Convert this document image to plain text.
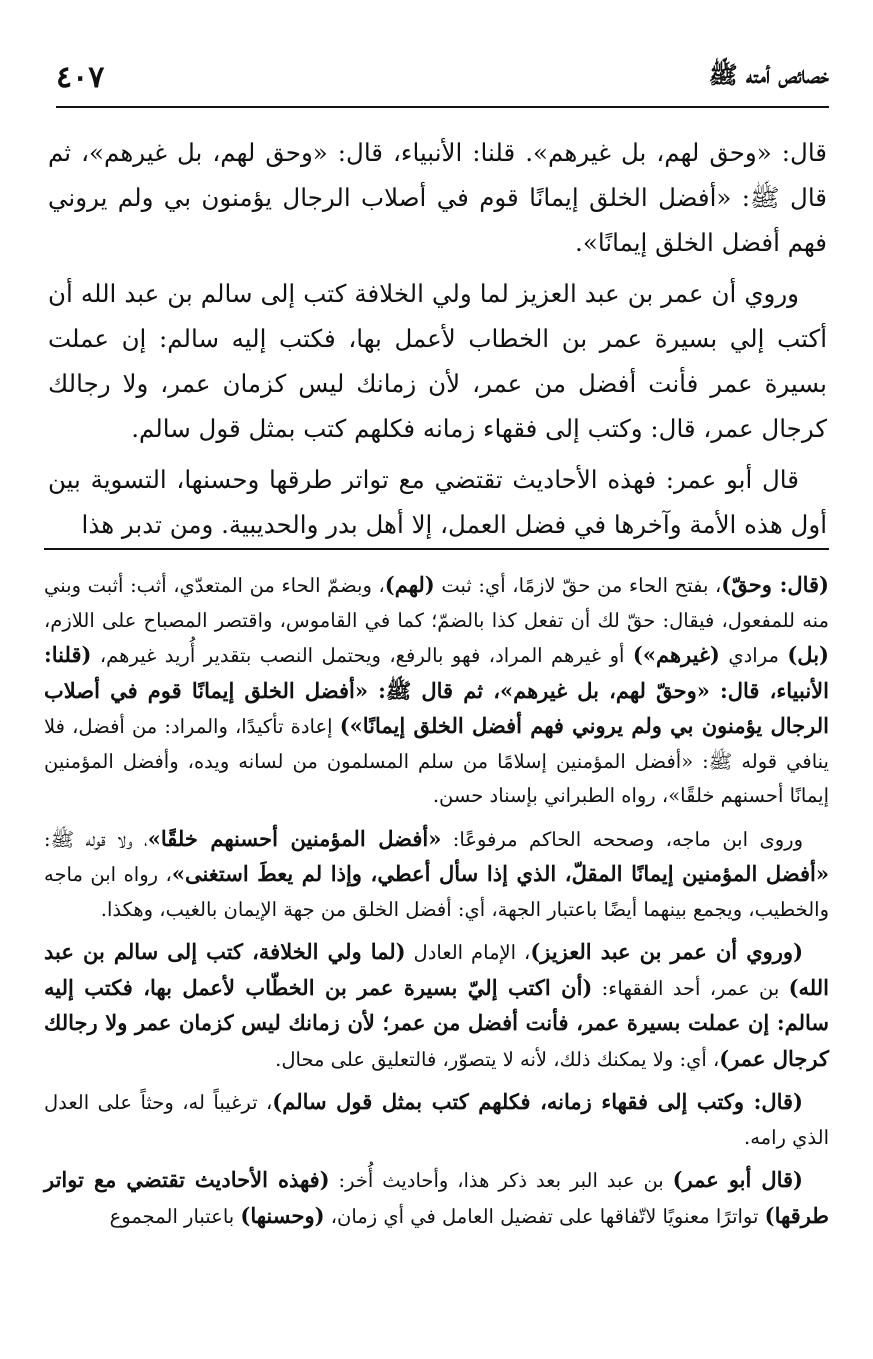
خصائص أمته ﷺ
٤٠٧

قال: «وحق لهم، بل غيرهم». قلنا: الأنبياء، قال: «وحق لهم، بل غيرهم»، ثم قال ﷺ: «أفضل الخلق إيمانًا قوم في أصلاب الرجال يؤمنون بي ولم يروني فهم أفضل الخلق إيمانًا».

وروي أن عمر بن عبد العزيز لما ولي الخلافة كتب إلى سالم بن عبد الله أن أكتب إلي بسيرة عمر بن الخطاب لأعمل بها، فكتب إليه سالم: إن عملت بسيرة عمر فأنت أفضل من عمر، لأن زمانك ليس كزمان عمر، ولا رجالك كرجال عمر، قال: وكتب إلى فقهاء زمانه فكلهم كتب بمثل قول سالم.

قال أبو عمر: فهذه الأحاديث تقتضي مع تواتر طرقها وحسنها، التسوية بين أول هذه الأمة وآخرها في فضل العمل، إلا أهل بدر والحديبية. ومن تدبر هذا

(قال: وحقّ)، بفتح الحاء من حقّ لازمًا، أي: ثبت (لهم)، وبضمّ الحاء من المتعدّي، أثب: أثبت وبني منه للمفعول، فيقال: حقّ لك أن تفعل كذا بالضمّ؛ كما في القاموس، واقتصر المصباح على اللازم، (بل) مرادي (غيرهم») أو غيرهم المراد، فهو بالرفع، ويحتمل النصب بتقدير أُريد غيرهم، (قلنا: الأنبياء، قال: «وحقّ لهم، بل غيرهم»، ثم قال ﷺ: «أفضل الخلق إيمانًا قوم في أصلاب الرجال يؤمنون بي ولم يروني فهم أفضل الخلق إيمانًا») إعادة تأكيدًا، والمراد: من أفضل، فلا ينافي قوله ﷺ: «أفضل المؤمنين إسلامًا من سلم المسلمون من لسانه ويده، وأفضل المؤمنين إيمانًا أحسنهم خلقًا»، رواه الطبراني بإسناد حسن.

وروى ابن ماجه، وصححه الحاكم مرفوعًا: «أفضل المؤمنين أحسنهم خلقًا»، ولا قوله ﷺ: «أفضل المؤمنين إيمانًا المقلّ، الذي إذا سأل أعطي، وإذا لم يعطَ استغنى»، رواه ابن ماجه والخطيب، ويجمع بينهما أيضًا باعتبار الجهة، أي: أفضل الخلق من جهة الإيمان بالغيب، وهكذا.

(وروي أن عمر بن عبد العزيز)، الإمام العادل (لما ولي الخلافة، كتب إلى سالم بن عبد الله) بن عمر، أحد الفقهاء: (أن اكتب إليّ بسيرة عمر بن الخطّاب لأعمل بها، فكتب إليه سالم: إن عملت بسيرة عمر، فأنت أفضل من عمر؛ لأن زمانك ليس كزمان عمر ولا رجالك كرجال عمر)، أي: ولا يمكنك ذلك، لأنه لا يتصوّر، فالتعليق على محال.

(قال: وكتب إلى فقهاء زمانه، فكلهم كتب بمثل قول سالم)، ترغيباً له، وحثاً على العدل الذي رامه.

(قال أبو عمر) بن عبد البر بعد ذكر هذا، وأحاديث أُخر: (فهذه الأحاديث تقتضي مع تواتر طرقها) تواترًا معنويًا لاتّفاقها على تفضيل العامل في أي زمان، (وحسنها) باعتبار المجموع
